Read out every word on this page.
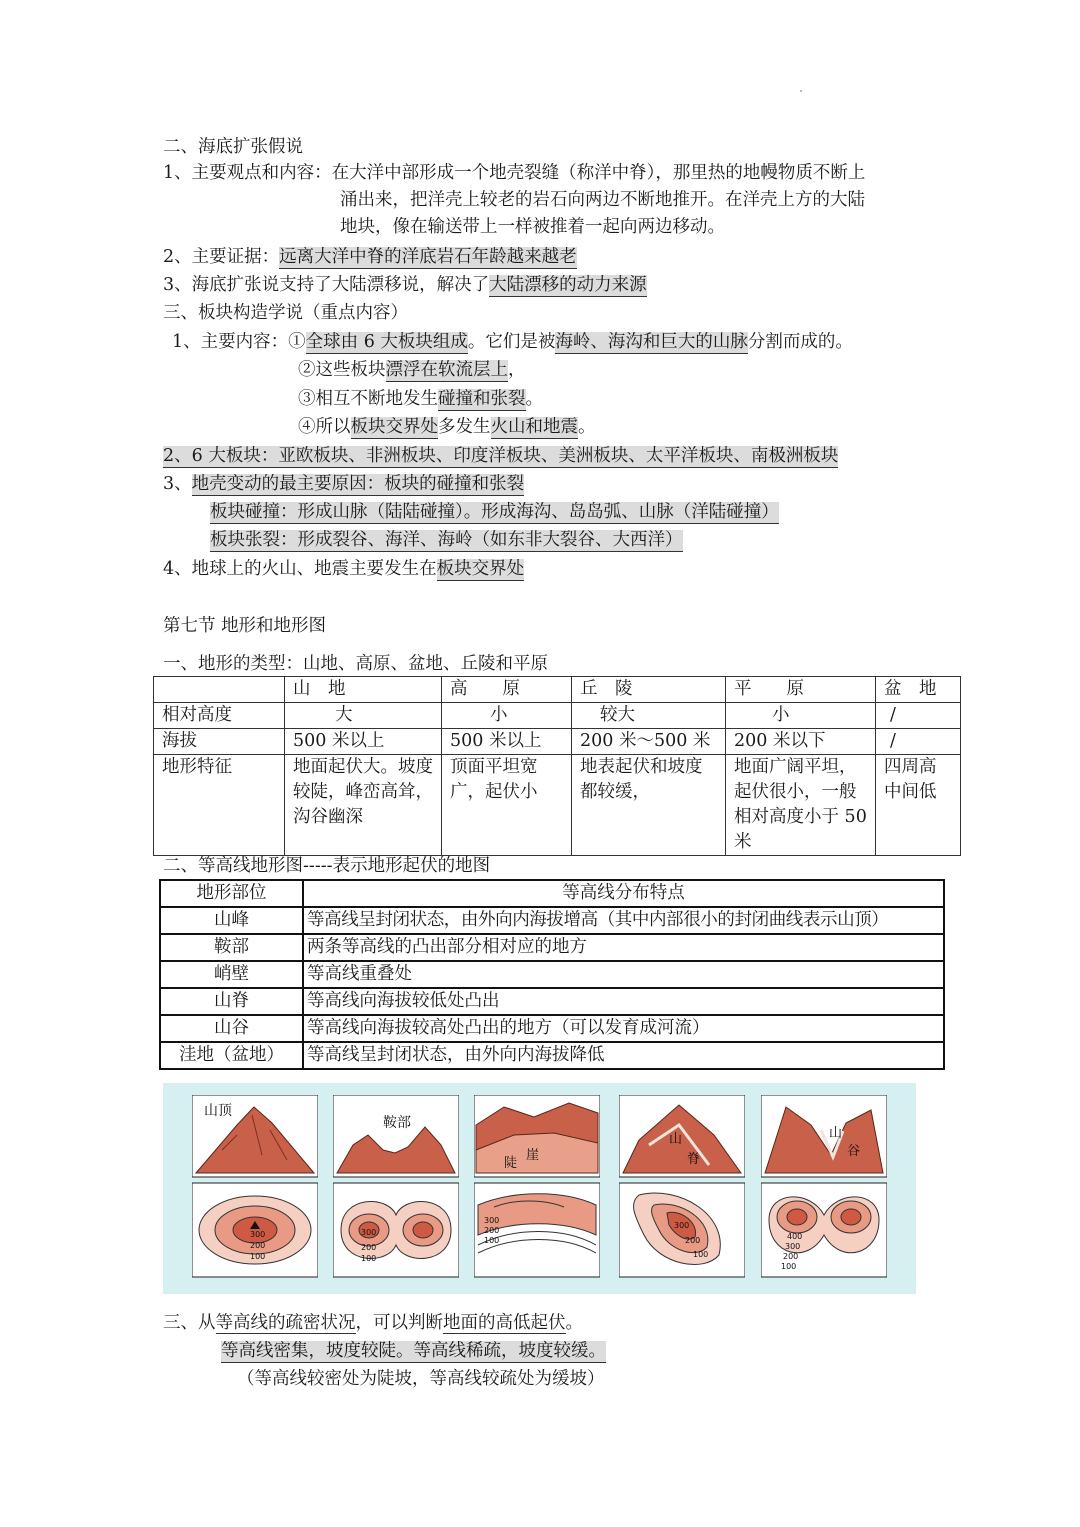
二、海底扩张假说
1、主要观点和内容：在大洋中部形成一个地壳裂缝（称洋中脊），那里热的地幔物质不断上
涌出来，把洋壳上较老的岩石向两边不断地推开。在洋壳上方的大陆
地块，像在输送带上一样被推着一起向两边移动。
2、主要证据：远离大洋中脊的洋底岩石年龄越来越老
3、海底扩张说支持了大陆漂移说，解决了大陆漂移的动力来源
三、板块构造学说（重点内容）
1、主要内容：①全球由 6 大板块组成。它们是被海岭、海沟和巨大的山脉分割而成的。
②这些板块漂浮在软流层上，
③相互不断地发生碰撞和张裂。
④所以板块交界处多发生火山和地震。
2、6 大板块：亚欧板块、非洲板块、印度洋板块、美洲板块、太平洋板块、南极洲板块
3、地壳变动的最主要原因：板块的碰撞和张裂
板块碰撞：形成山脉（陆陆碰撞）。形成海沟、岛岛弧、山脉（洋陆碰撞）
板块张裂：形成裂谷、海洋、海岭（如东非大裂谷、大西洋）
4、地球上的火山、地震主要发生在板块交界处
第七节 地形和地形图
一、地形的类型：山地、高原、盆地、丘陵和平原
	山　地	高　　原	丘　陵	平　　原	盆　地
相对高度	大	小	较大	小	/
海拔	500 米以上	500 米以上	200 米～500 米	200 米以下	/
地形特征	地面起伏大。坡度较陡，峰峦高耸，沟谷幽深	顶面平坦宽广，起伏小	地表起伏和坡度都较缓，	地面广阔平坦，起伏很小，一般相对高度小于 50 米	四周高中间低
二、等高线地形图-----表示地形起伏的地图
地形部位	等高线分布特点
山峰	等高线呈封闭状态，由外向内海拔增高（其中内部很小的封闭曲线表示山顶）
鞍部	两条等高线的凸出部分相对应的地方
峭壁	等高线重叠处
山脊	等高线向海拔较低处凸出
山谷	等高线向海拔较高处凸出的地方（可以发育成河流）
洼地（盆地）	等高线呈封闭状态，由外向内海拔降低
山顶
300
200
100
鞍部
300
200
100
陡
崖
300
200
100
山
脊
300
200
100
山
谷
400
300
200
100
三、从等高线的疏密状况，可以判断地面的高低起伏。
等高线密集，坡度较陡。等高线稀疏，坡度较缓。
（等高线较密处为陡坡，等高线较疏处为缓坡）
